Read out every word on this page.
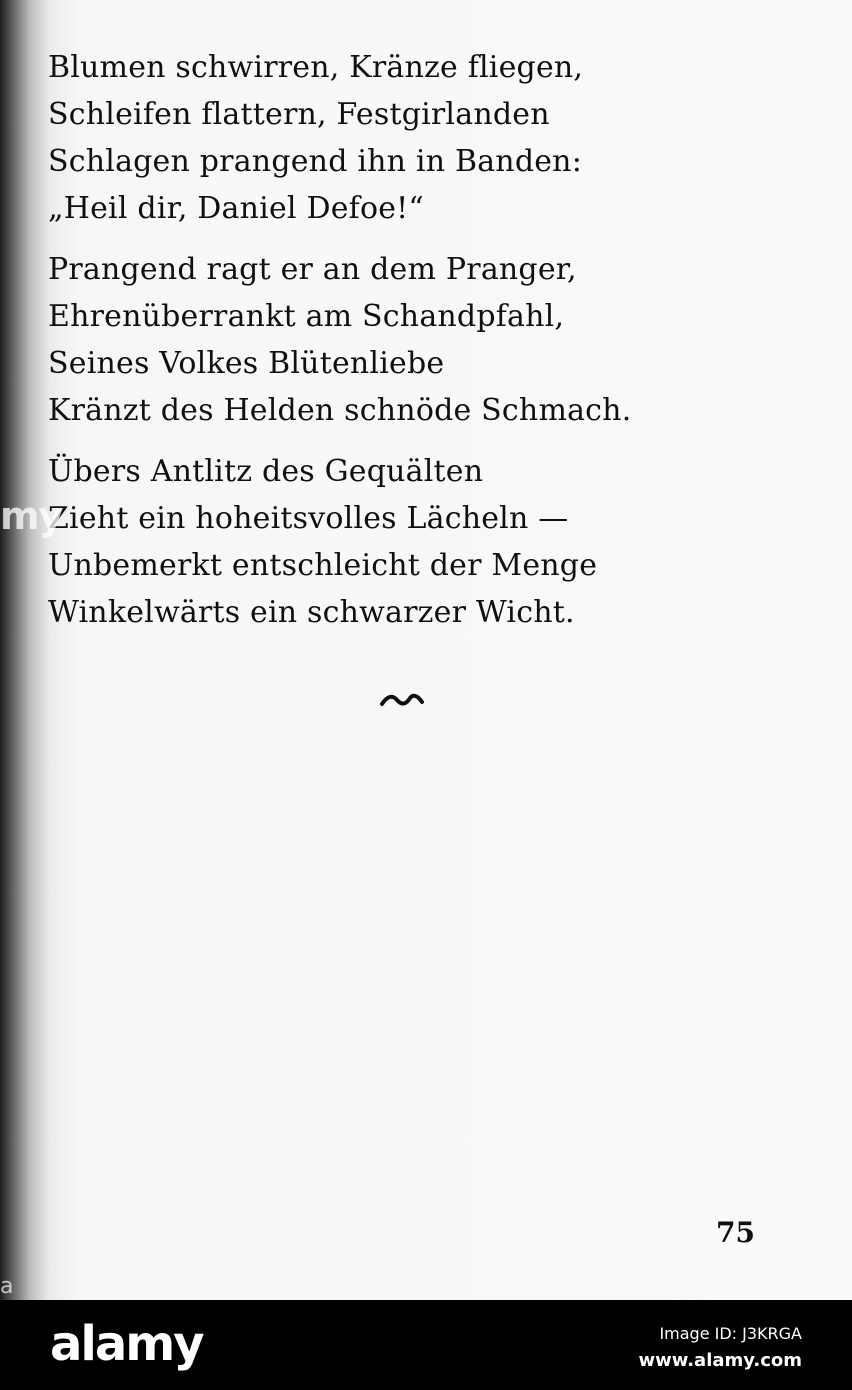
Blumen schwirren, Kränze fliegen,
Schleifen flattern, Festgirlanden
Schlagen prangend ihn in Banden:
„Heil dir, Daniel Defoe!“
Prangend ragt er an dem Pranger,
Ehrenüberrankt am Schandpfahl,
Seines Volkes Blütenliebe
Kränzt des Helden schnöde Schmach.
Übers Antlitz des Gequälten
Zieht ein hoheitsvolles Lächeln —
Unbemerkt entschleicht der Menge
Winkelwärts ein schwarzer Wicht.
75
my
a
alamy	Image ID: J3KRGA
www.alamy.com
